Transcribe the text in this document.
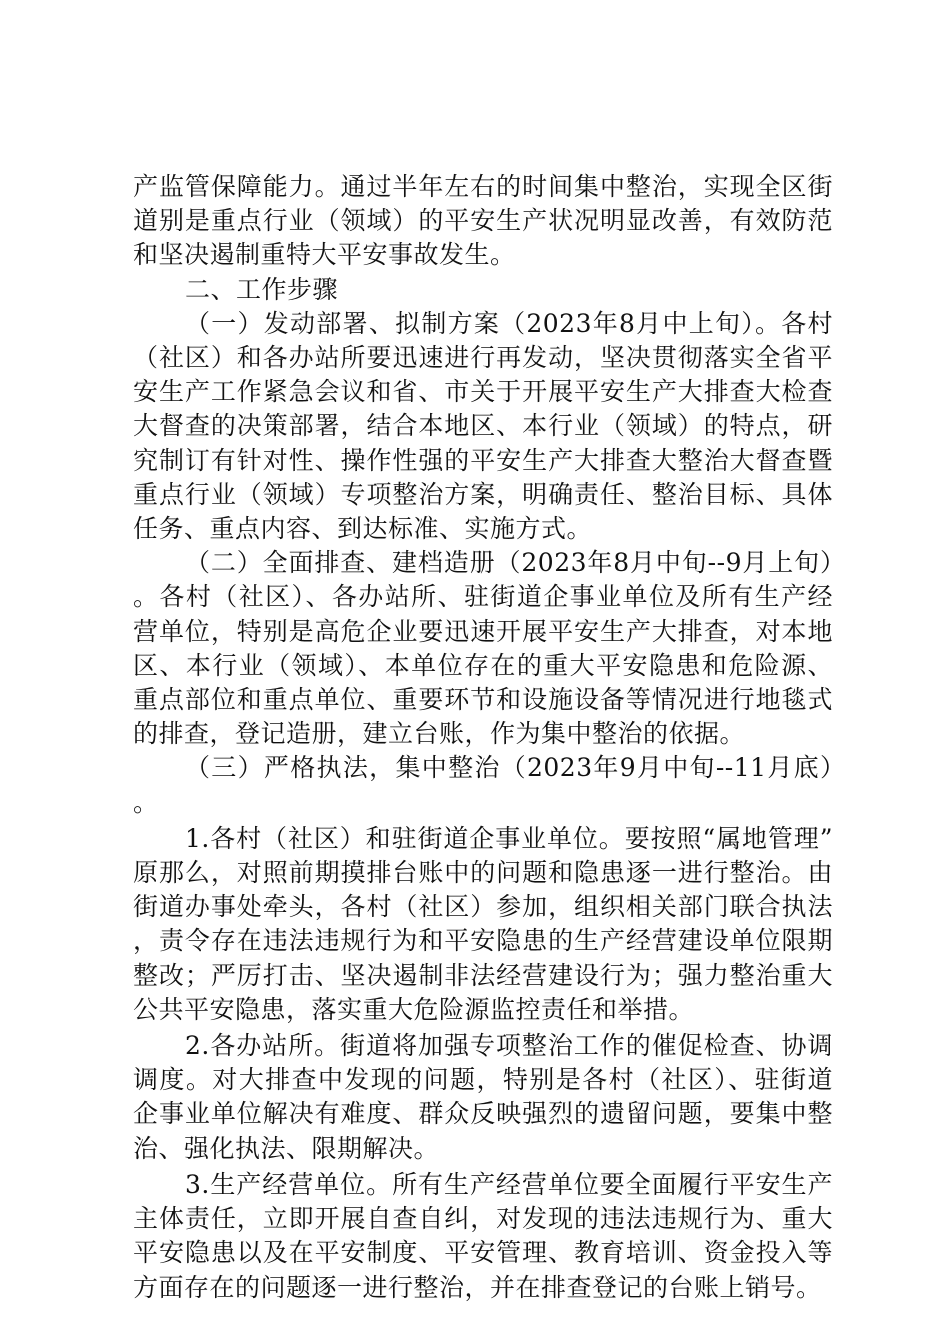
产监管保障能力。通过半年左右的时间集中整治，实现全区街道别是重点行业（领域）的平安生产状况明显改善，有效防范和坚决遏制重特大平安事故发生。

二、工作步骤

（一）发动部署、拟制方案（2023年8月中上旬）。各村（社区）和各办站所要迅速进行再发动，坚决贯彻落实全省平安生产工作紧急会议和省、市关于开展平安生产大排查大检查大督查的决策部署，结合本地区、本行业（领域）的特点，研究制订有针对性、操作性强的平安生产大排查大整治大督查暨重点行业（领域）专项整治方案，明确责任、整治目标、具体任务、重点内容、到达标准、实施方式。

（二）全面排查、建档造册（2023年8月中旬--9月上旬）。各村（社区）、各办站所、驻街道企事业单位及所有生产经营单位，特别是高危企业要迅速开展平安生产大排查，对本地区、本行业（领域）、本单位存在的重大平安隐患和危险源、重点部位和重点单位、重要环节和设施设备等情况进行地毯式的排查，登记造册，建立台账，作为集中整治的依据。

（三）严格执法，集中整治（2023年9月中旬--11月底）。

1.各村（社区）和驻街道企事业单位。要按照“属地管理”原那么，对照前期摸排台账中的问题和隐患逐一进行整治。由街道办事处牵头，各村（社区）参加，组织相关部门联合执法，责令存在违法违规行为和平安隐患的生产经营建设单位限期整改；严厉打击、坚决遏制非法经营建设行为；强力整治重大公共平安隐患，落实重大危险源监控责任和举措。

2.各办站所。街道将加强专项整治工作的催促检查、协调调度。对大排查中发现的问题，特别是各村（社区）、驻街道企事业单位解决有难度、群众反映强烈的遗留问题，要集中整治、强化执法、限期解决。

3.生产经营单位。所有生产经营单位要全面履行平安生产主体责任，立即开展自查自纠，对发现的违法违规行为、重大平安隐患以及在平安制度、平安管理、教育培训、资金投入等方面存在的问题逐一进行整治，并在排查登记的台账上销号。
